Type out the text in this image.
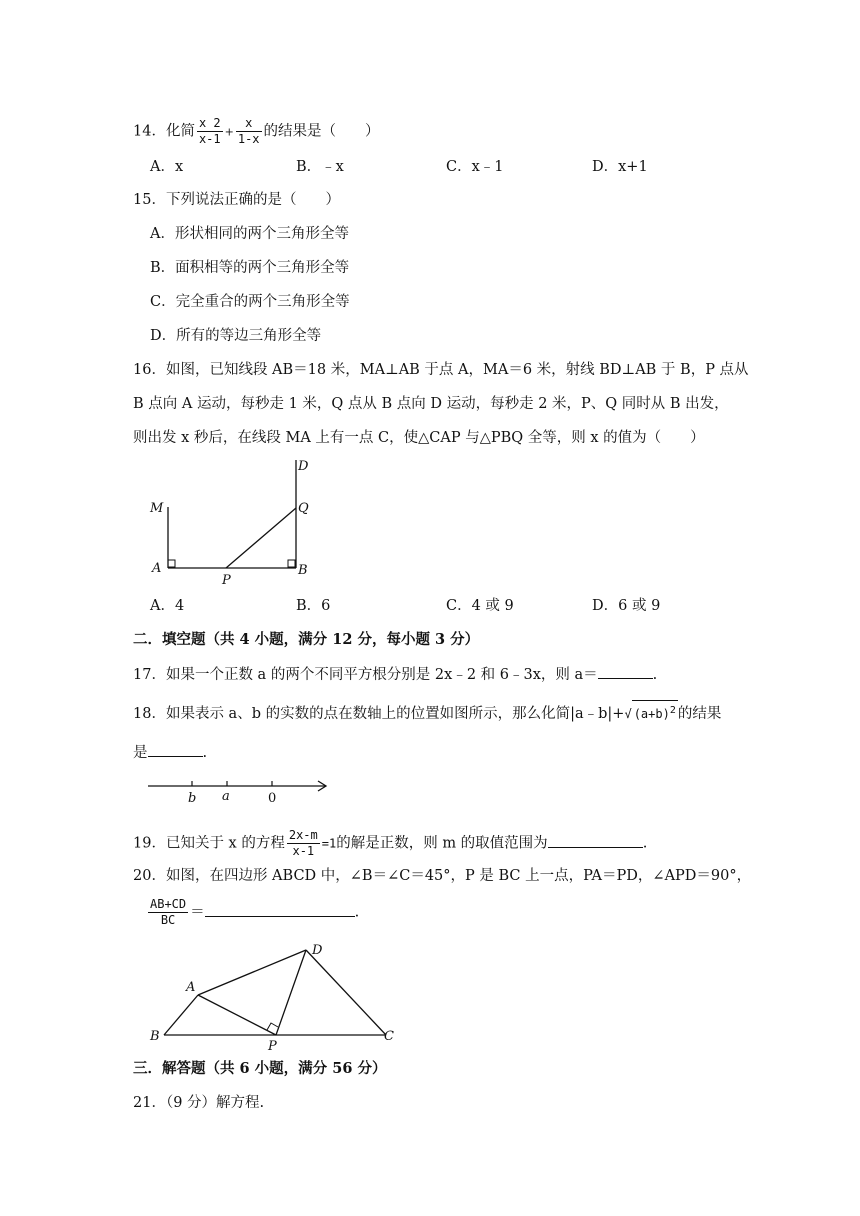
14．化简 $\frac{x 2}{x-1} + \frac{x}{1-x}$ 的结果是（　　）
A．x	B．﹣x	C．x﹣1	D．x+1
15．下列说法正确的是（　　）
A．形状相同的两个三角形全等
B．面积相等的两个三角形全等
C．完全重合的两个三角形全等
D．所有的等边三角形全等
16．如图，已知线段 AB＝18 米，MA⊥AB 于点 A，MA＝6 米，射线 BD⊥AB 于 B，P 点从
B 点向 A 运动，每秒走 1 米，Q 点从 B 点向 D 运动，每秒走 2 米，P、Q 同时从 B 出发，
则出发 x 秒后，在线段 MA 上有一点 C，使△CAP 与△PBQ 全等，则 x 的值为（　　）
M
A
P
B
Q
D
A．4	B．6	C．4 或 9	D．6 或 9
二．填空题（共 4 小题，满分 12 分，每小题 3 分）
17．如果一个正数 a 的两个不同平方根分别是 2x﹣2 和 6﹣3x，则 a＝	.
18．如果表示 a、b 的实数的点在数轴上的位置如图所示，那么化简|a﹣b|+√ $(a+b)^2$ 的结果
是	.
b a	0
19．已知关于 x 的方程 $\frac{2x-m}{x-1} =1$的解是正数，则 m 的取值范围为	.
20．如图，在四边形 ABCD 中，∠B＝∠C＝45°，P 是 BC 上一点，PA＝PD，∠APD＝90°，
$\frac{AB+CD}{BC}$ ＝	.
A
B
D
C
P
三．解答题（共 6 小题，满分 56 分）
21．（9 分）解方程.
